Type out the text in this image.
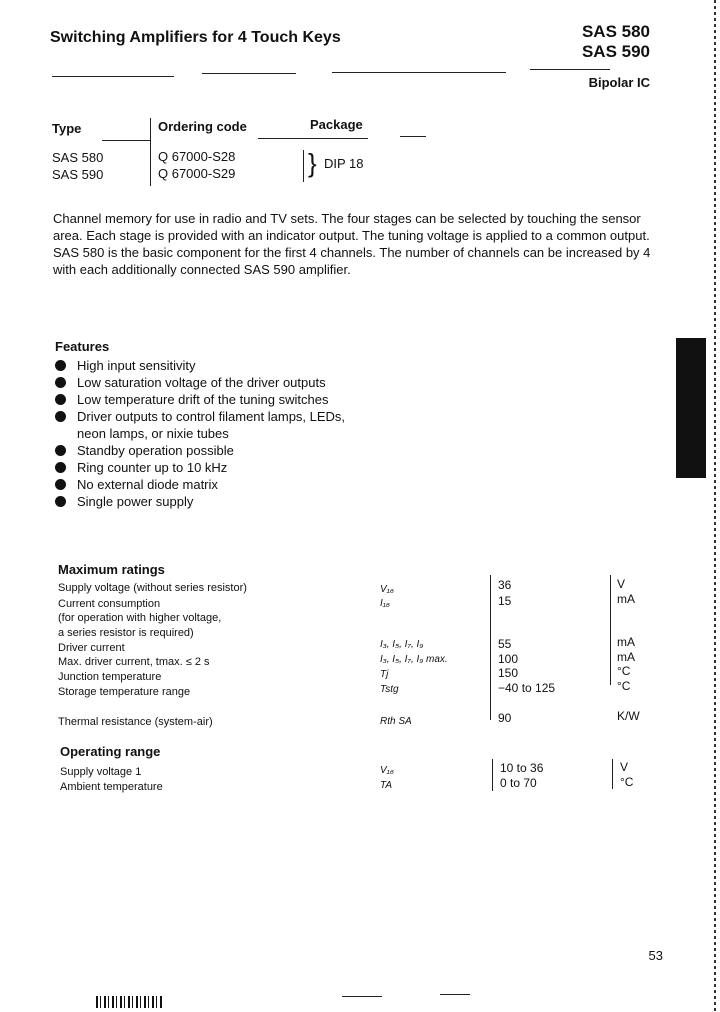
Switching Amplifiers for 4 Touch Keys	SAS 580
SAS 590
Bipolar IC
Type	Ordering code	Package
SAS 580	Q 67000-S28
SAS 590	Q 67000-S29	} DIP 18

Channel memory for use in radio and TV sets. The four stages can be selected by touching the sensor area. Each stage is provided with an indicator output. The tuning voltage is applied to a common output. SAS 580 is the basic component for the first 4 channels. The number of channels can be increased by 4 with each additionally connected SAS 590 amplifier.

Features
High input sensitivity
Low saturation voltage of the driver outputs
Low temperature drift of the tuning switches
Driver outputs to control filament lamps, LEDs, neon lamps, or nixie tubes
Standby operation possible
Ring counter up to 10 kHz
No external diode matrix
Single power supply
Maximum ratings
Supply voltage (without series resistor)	V₁₆	36	V
Current consumption	I₁₆	15	mA
(for operation with higher voltage,
a series resistor is required)
Driver current	I₃, I₅, I₇, I₉	55	mA
Max. driver current, tmax. ≤ 2 s	I₃, I₅, I₇, I₉ max.	100	mA
Junction temperature	Tj	150	°C
Storage temperature range	Tstg	−40 to 125	°C
Thermal resistance (system-air)	Rth SA	90	K/W
Operating range
Supply voltage 1	V₁₆	10 to 36	V
Ambient temperature	TA	0 to 70	°C
53
